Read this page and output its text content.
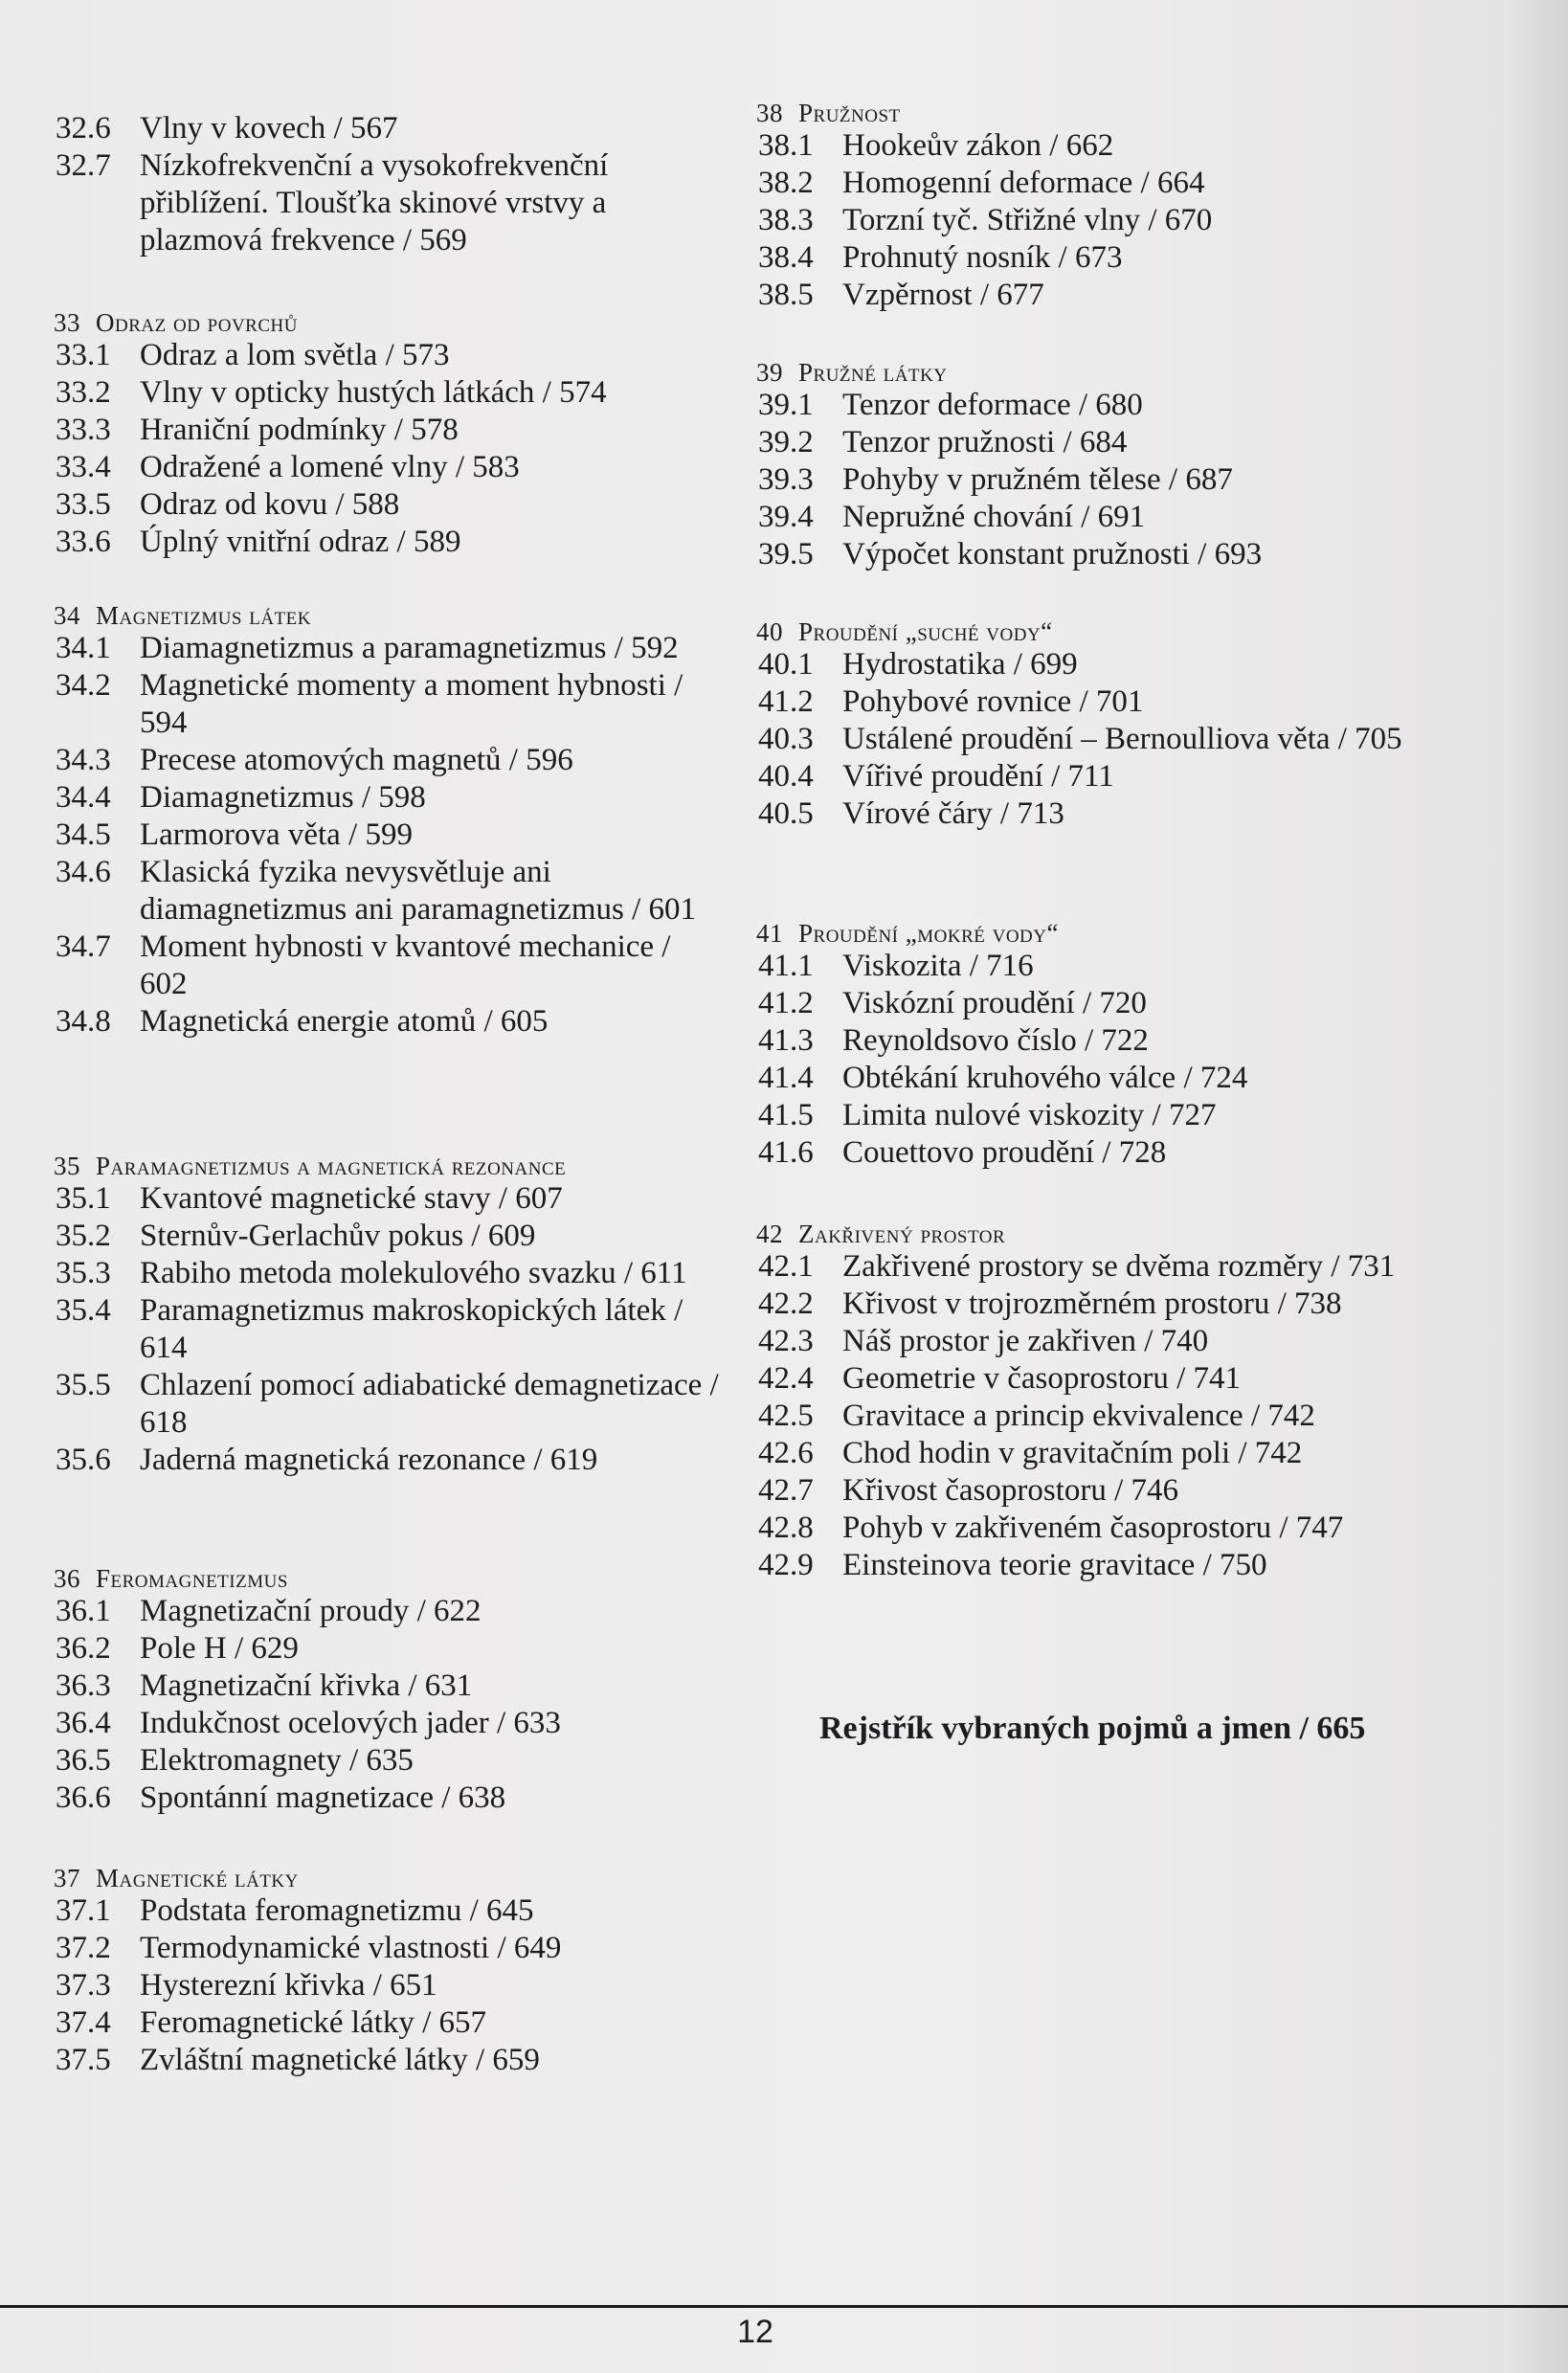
32.6 Vlny v kovech / 567
32.7 Nízkofrekvenční a vysokofrekvenční přiblížení. Tloušťka skinové vrstvy a plazmová frekvence / 569
33 Odraz od povrchů
33.1 Odraz a lom světla / 573
33.2 Vlny v opticky hustých látkách / 574
33.3 Hraniční podmínky / 578
33.4 Odražené a lomené vlny / 583
33.5 Odraz od kovu / 588
33.6 Úplný vnitřní odraz / 589
34 Magnetizmus látek
34.1 Diamagnetizmus a paramagnetizmus / 592
34.2 Magnetické momenty a moment hybnosti / 594
34.3 Precese atomových magnetů / 596
34.4 Diamagnetizmus / 598
34.5 Larmorova věta / 599
34.6 Klasická fyzika nevysvětluje ani diamagnetizmus ani paramagnetizmus / 601
34.7 Moment hybnosti v kvantové mechanice / 602
34.8 Magnetická energie atomů / 605
35 Paramagnetizmus a magnetická rezonance
35.1 Kvantové magnetické stavy / 607
35.2 Sternův-Gerlachův pokus / 609
35.3 Rabiho metoda molekulového svazku / 611
35.4 Paramagnetizmus makroskopických látek / 614
35.5 Chlazení pomocí adiabatické demagnetizace / 618
35.6 Jaderná magnetická rezonance / 619
36 Feromagnetizmus
36.1 Magnetizační proudy / 622
36.2 Pole H / 629
36.3 Magnetizační křivka / 631
36.4 Indukčnost ocelových jader / 633
36.5 Elektromagnety / 635
36.6 Spontánní magnetizace / 638
37 Magnetické látky
37.1 Podstata feromagnetizmu / 645
37.2 Termodynamické vlastnosti / 649
37.3 Hysterezní křivka / 651
37.4 Feromagnetické látky / 657
37.5 Zvláštní magnetické látky / 659
38 Pružnost
38.1 Hookeův zákon / 662
38.2 Homogenní deformace / 664
38.3 Torzní tyč. Střižné vlny / 670
38.4 Prohnutý nosník / 673
38.5 Vzpěrnost / 677
39 Pružné látky
39.1 Tenzor deformace / 680
39.2 Tenzor pružnosti / 684
39.3 Pohyby v pružném tělese / 687
39.4 Nepružné chování / 691
39.5 Výpočet konstant pružnosti / 693
40 Proudění „suché vody“
40.1 Hydrostatika / 699
41.2 Pohybové rovnice / 701
40.3 Ustálené proudění – Bernoulliova věta / 705
40.4 Vířivé proudění / 711
40.5 Vírové čáry / 713
41 Proudění „mokré vody“
41.1 Viskozita / 716
41.2 Viskózní proudění / 720
41.3 Reynoldsovo číslo / 722
41.4 Obtékání kruhového válce / 724
41.5 Limita nulové viskozity / 727
41.6 Couettovo proudění / 728
42 Zakřivený prostor
42.1 Zakřivené prostory se dvěma rozměry / 731
42.2 Křivost v trojrozměrném prostoru / 738
42.3 Náš prostor je zakřiven / 740
42.4 Geometrie v časoprostoru / 741
42.5 Gravitace a princip ekvivalence / 742
42.6 Chod hodin v gravitačním poli / 742
42.7 Křivost časoprostoru / 746
42.8 Pohyb v zakřiveném časoprostoru / 747
42.9 Einsteinova teorie gravitace / 750
Rejstřík vybraných pojmů a jmen / 665
12
